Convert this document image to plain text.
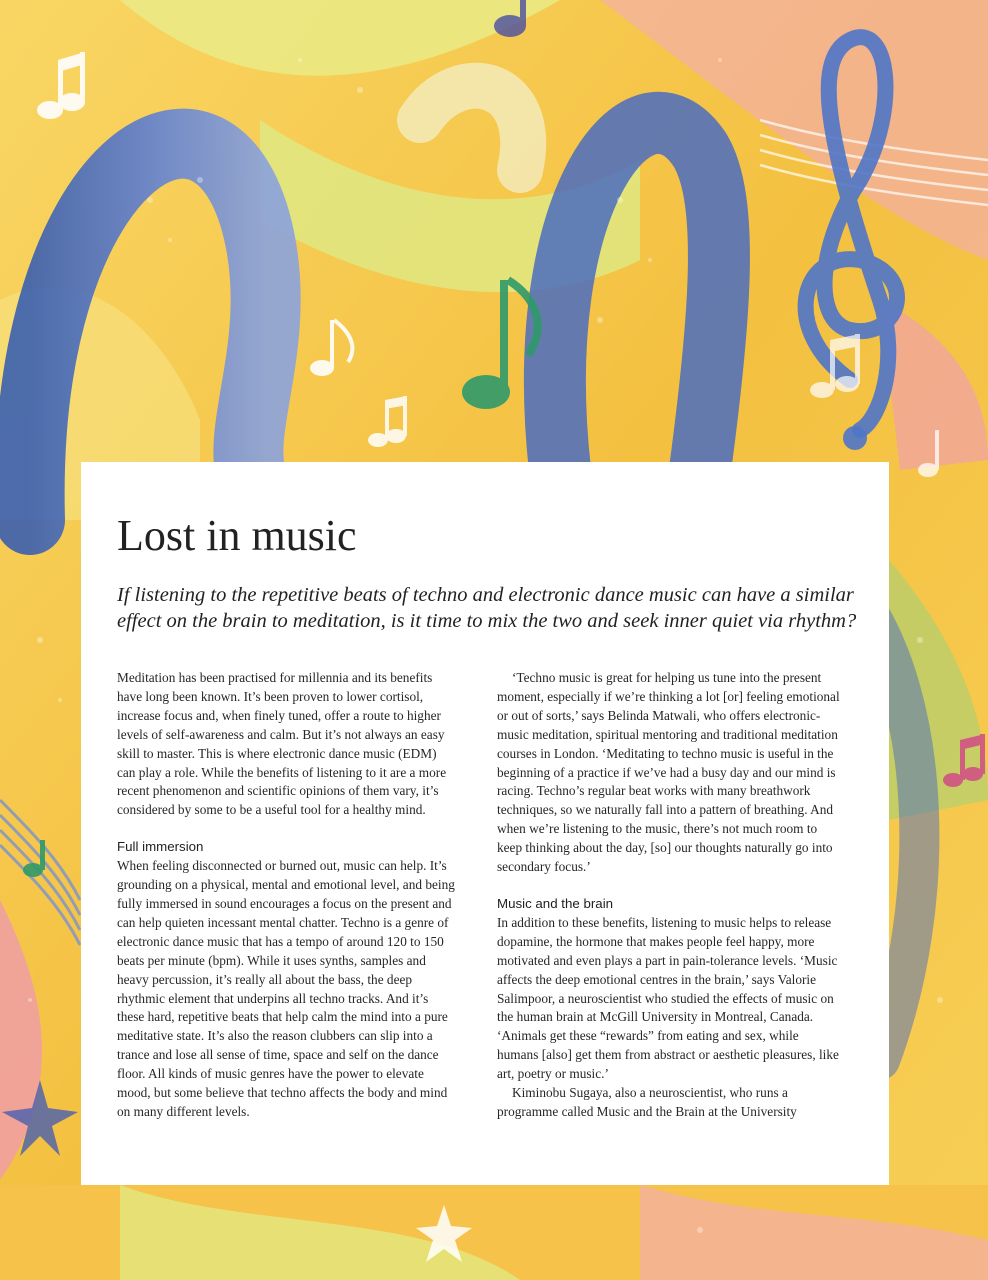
Lost in music

If listening to the repetitive beats of techno and electronic dance music can have a similar effect on the brain to meditation, is it time to mix the two and seek inner quiet via rhythm?

Meditation has been practised for millennia and its benefits have long been known. It’s been proven to lower cortisol, increase focus and, when finely tuned, offer a route to higher levels of self-awareness and calm. But it’s not always an easy skill to master. This is where electronic dance music (EDM) can play a role. While the benefits of listening to it are a more recent phenomenon and scientific opinions of them vary, it’s considered by some to be a useful tool for a healthy mind.

Full immersion

When feeling disconnected or burned out, music can help. It’s grounding on a physical, mental and emotional level, and being fully immersed in sound encourages a focus on the present and can help quieten incessant mental chatter. Techno is a genre of electronic dance music that has a tempo of around 120 to 150 beats per minute (bpm). While it uses synths, samples and heavy percussion, it’s really all about the bass, the deep rhythmic element that underpins all techno tracks. And it’s these hard, repetitive beats that help calm the mind into a pure meditative state. It’s also the reason clubbers can slip into a trance and lose all sense of time, space and self on the dance floor. All kinds of music genres have the power to elevate mood, but some believe that techno affects the body and mind on many different levels.

‘Techno music is great for helping us tune into the present moment, especially if we’re thinking a lot [or] feeling emotional or out of sorts,’ says Belinda Matwali, who offers electronic-music meditation, spiritual mentoring and traditional meditation courses in London. ‘Meditating to techno music is useful in the beginning of a practice if we’ve had a busy day and our mind is racing. Techno’s regular beat works with many breathwork techniques, so we naturally fall into a pattern of breathing. And when we’re listening to the music, there’s not much room to keep thinking about the day, [so] our thoughts naturally go into secondary focus.’

Music and the brain

In addition to these benefits, listening to music helps to release dopamine, the hormone that makes people feel happy, more motivated and even plays a part in pain-tolerance levels. ‘Music affects the deep emotional centres in the brain,’ says Valorie Salimpoor, a neuroscientist who studied the effects of music on the human brain at McGill University in Montreal, Canada. ‘Animals get these “rewards” from eating and sex, while humans [also] get them from abstract or aesthetic pleasures, like art, poetry or music.’

Kiminobu Sugaya, also a neuroscientist, who runs a programme called Music and the Brain at the University
